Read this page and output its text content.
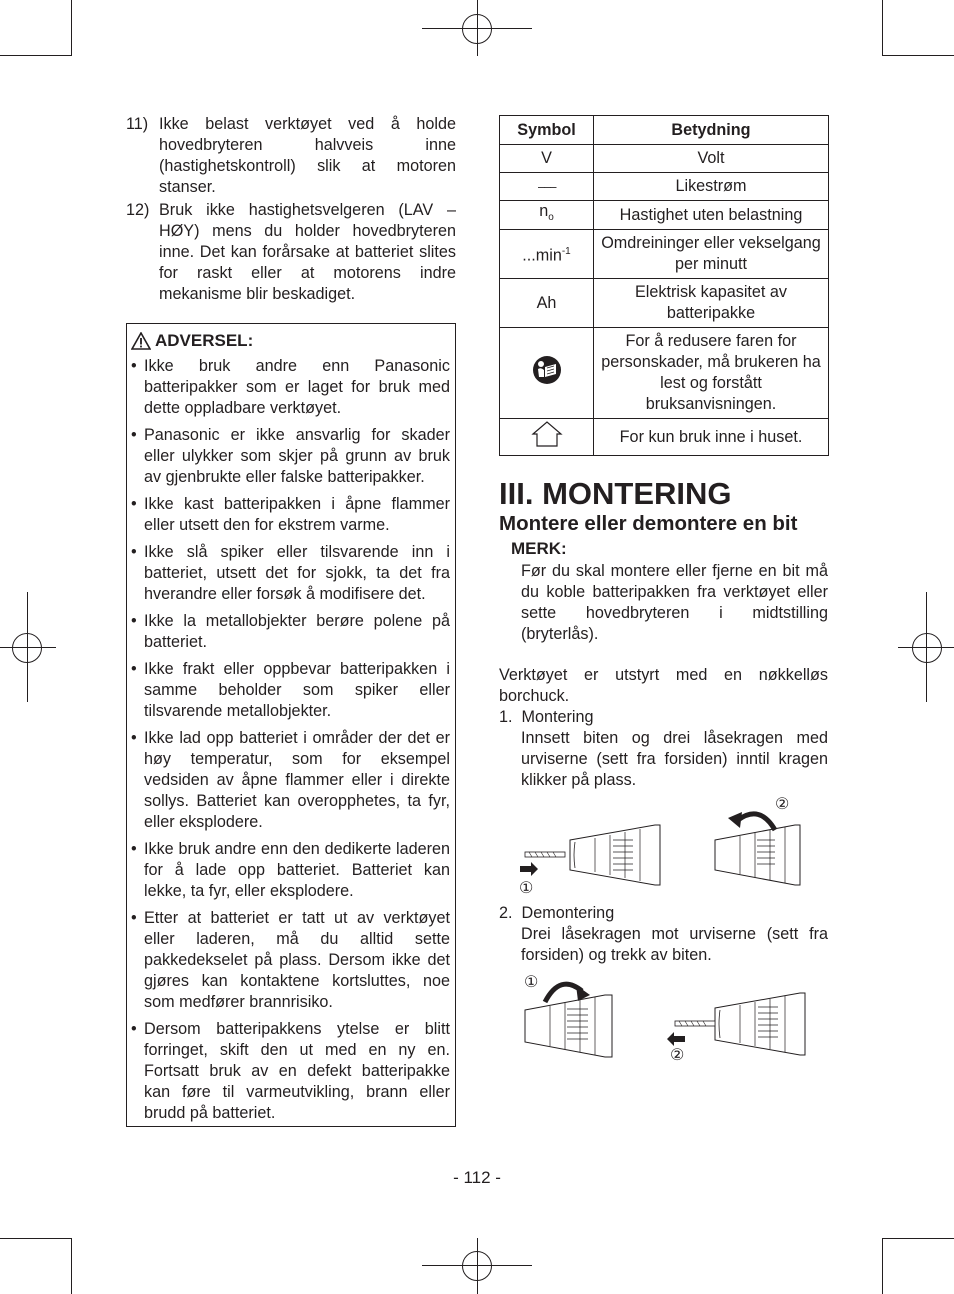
11) Ikke belast verktøyet ved å holde hovedbryteren halvveis inne (hastighetskontroll) slik at motoren stanser.
12) Bruk ikke hastighetsvelgeren (LAV – HØY) mens du holder hovedbryteren inne. Det kan forårsake at batteriet slites for raskt eller at motorens indre mekanisme blir beskadiget.
ADVERSEL:
• Ikke bruk andre enn Panasonic batteripakker som er laget for bruk med dette oppladbare verktøyet.
• Panasonic er ikke ansvarlig for skader eller ulykker som skjer på grunn av bruk av gjenbrukte eller falske batteripakker.
• Ikke kast batteripakken i åpne flammer eller utsett den for ekstrem varme.
• Ikke slå spiker eller tilsvarende inn i batteriet, utsett det for sjokk, ta det fra hverandre eller forsøk å modifisere det.
• Ikke la metallobjekter berøre polene på batteriet.
• Ikke frakt eller oppbevar batteripakken i samme beholder som spiker eller tilsvarende metallobjekter.
• Ikke lad opp batteriet i områder der det er høy temperatur, som for eksempel vedsiden av åpne flammer eller i direkte sollys. Batteriet kan overopphetes, ta fyr, eller eksplodere.
• Ikke bruk andre enn den dedikerte laderen for å lade opp batteriet. Batteriet kan lekke, ta fyr, eller eksplodere.
• Etter at batteriet er tatt ut av verktøyet eller laderen, må du alltid sette pakkedekselet på plass. Dersom ikke det gjøres kan kontaktene kortsluttes, noe som medfører brannrisiko.
• Dersom batteripakkens ytelse er blitt forringet, skift den ut med en ny en. Fortsatt bruk av en defekt batteripakke kan føre til varmeutvikling, brann eller brudd på batteriet.
Symbol	Betydning
V	Volt
———	Likestrøm
$n_o$	Hastighet uten belastning
$...\min^{-1}$	Omdreininger eller vekselgang per minutt
Ah	Elektrisk kapasitet av batteripakke
	For å redusere faren for personskader, må brukeren ha lest og forstått bruksanvisningen.
	For kun bruk inne i huset.
III. MONTERING
Montere eller demontere en bit
MERK:
Før du skal montere eller fjerne en bit må du koble batteripakken fra verktøyet eller sette hovedbryteren i midtstilling (bryterlås).
Verktøyet er utstyrt med en nøkkelløs borchuck.
1. Montering
Innsett biten og drei låsekragen med urviserne (sett fra forsiden) inntil kragen klikker på plass.
①
②
2. Demontering
Drei låsekragen mot urviserne (sett fra forsiden) og trekk av biten.
①
②
- 112 -
